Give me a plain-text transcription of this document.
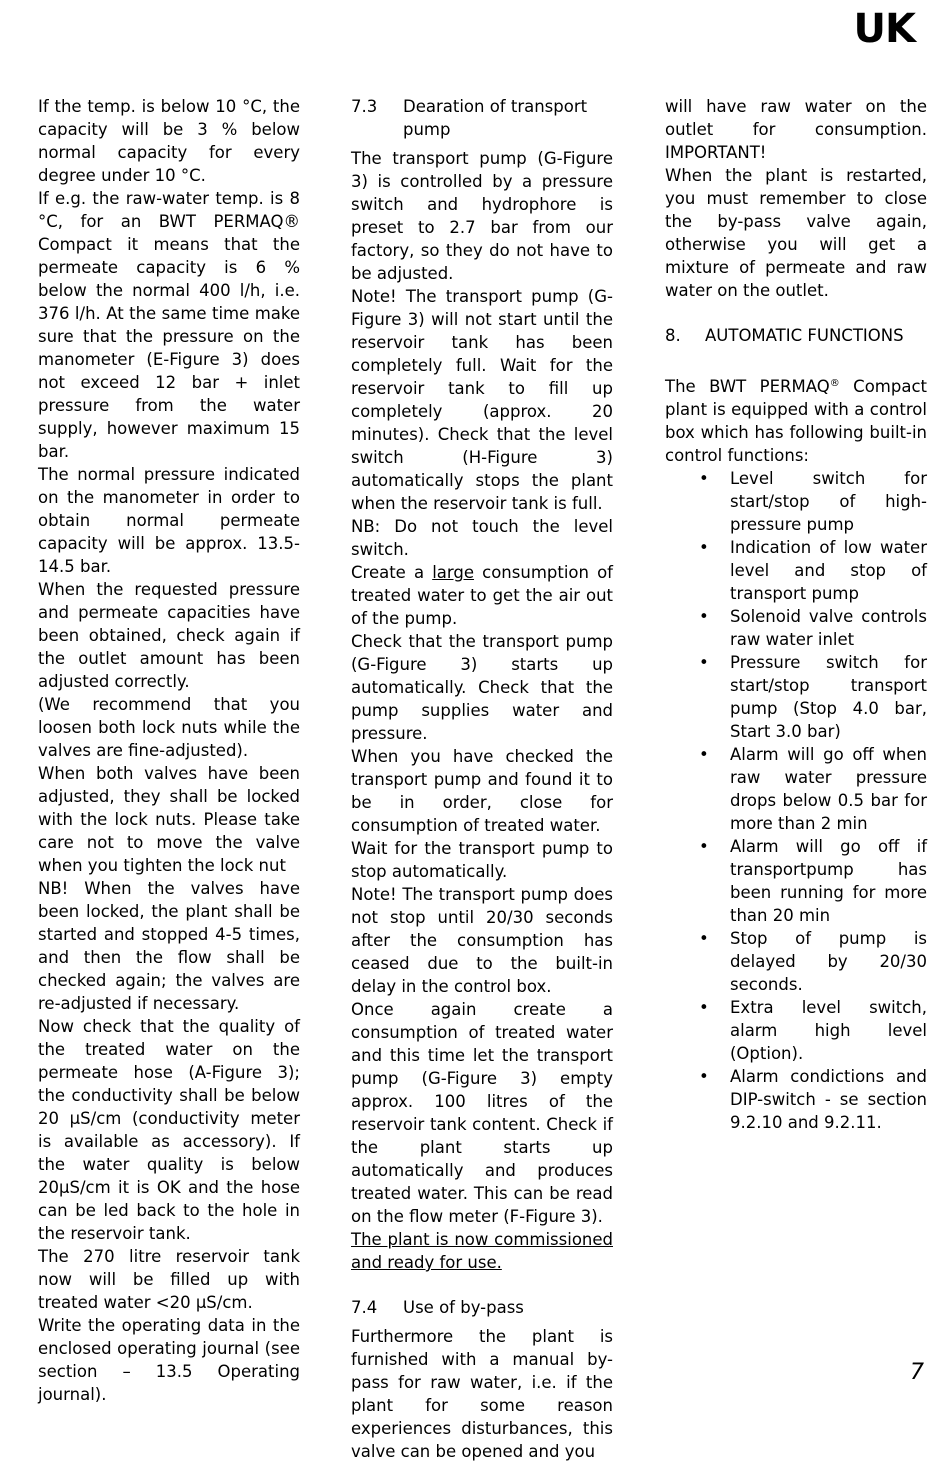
UK

If the temp. is below 10 °C, the capacity will be 3 % below normal capacity for every degree under 10 °C.

If e.g. the raw-water temp. is 8 °C, for an BWT PERMAQ® Compact it means that the permeate capacity is 6 % below the normal 400 l/h, i.e. 376 l/h. At the same time make sure that the pressure on the manometer (E-Figure 3) does not exceed 12 bar + inlet pressure from the water supply, however maximum 15 bar.

The normal pressure indicated on the manometer in order to obtain normal permeate capacity will be approx. 13.5-14.5 bar.

When the requested pressure and permeate capacities have been obtained, check again if the outlet amount has been adjusted correctly.

(We recommend that you loosen both lock nuts while the valves are fine-adjusted).

When both valves have been adjusted, they shall be locked with the lock nuts. Please take care not to move the valve when you tighten the lock nut

NB! When the valves have been locked, the plant shall be started and stopped 4-5 times, and then the flow shall be checked again; the valves are re-adjusted if necessary.

Now check that the quality of the treated water on the permeate hose (A-Figure 3); the conductivity shall be below 20 µS/cm (conductivity meter is available as accessory). If the water quality is below 20µS/cm it is OK and the hose can be led back to the hole in the reservoir tank.

The 270 litre reservoir tank now will be filled up with treated water <20 µS/cm.

Write the operating data in the enclosed operating journal (see section – 13.5 Operating journal).

7.3	Dearation of transport pump

The transport pump (G-Figure 3) is controlled by a pressure switch and hydrophore is preset to 2.7 bar from our factory, so they do not have to be adjusted.

Note! The transport pump (G-Figure 3) will not start until the reservoir tank has been completely full. Wait for the reservoir tank to fill up completely (approx. 20 minutes). Check that the level switch (H-Figure 3) automatically stops the plant when the reservoir tank is full.

NB: Do not touch the level switch.

Create a large consumption of treated water to get the air out of the pump.

Check that the transport pump (G-Figure 3) starts up automatically. Check that the pump supplies water and pressure.

When you have checked the transport pump and found it to be in order, close for consumption of treated water.

Wait for the transport pump to stop automatically.

Note! The transport pump does not stop until 20/30 seconds after the consumption has ceased due to the built-in delay in the control box.

Once again create a consumption of treated water and this time let the transport pump (G-Figure 3) empty approx. 100 litres of the reservoir tank content. Check if the plant starts up automatically and produces treated water. This can be read on the flow meter (F-Figure 3).

The plant is now commissioned and ready for use.

7.4	Use of by-pass

Furthermore the plant is furnished with a manual by-pass for raw water, i.e. if the plant for some reason experiences disturbances, this valve can be opened and you

will have raw water on the outlet for consumption. IMPORTANT!

When the plant is restarted, you must remember to close the by-pass valve again, otherwise you will get a mixture of permeate and raw water on the outlet.

8.	AUTOMATIC FUNCTIONS

The BWT PERMAQ® Compact plant is equipped with a control box which has following built-in control functions:

• Level switch for start/stop of high-pressure pump
• Indication of low water level and stop of transport pump
• Solenoid valve controls raw water inlet
• Pressure switch for start/stop transport pump (Stop 4.0 bar, Start 3.0 bar)
• Alarm will go off when raw water pressure drops below 0.5 bar for more than 2 min
• Alarm will go off if transportpump has been running for more than 20 min
• Stop of pump is delayed by 20/30 seconds.
• Extra level switch, alarm high level (Option).
• Alarm condictions and DIP-switch - se section 9.2.10 and 9.2.11.
7
